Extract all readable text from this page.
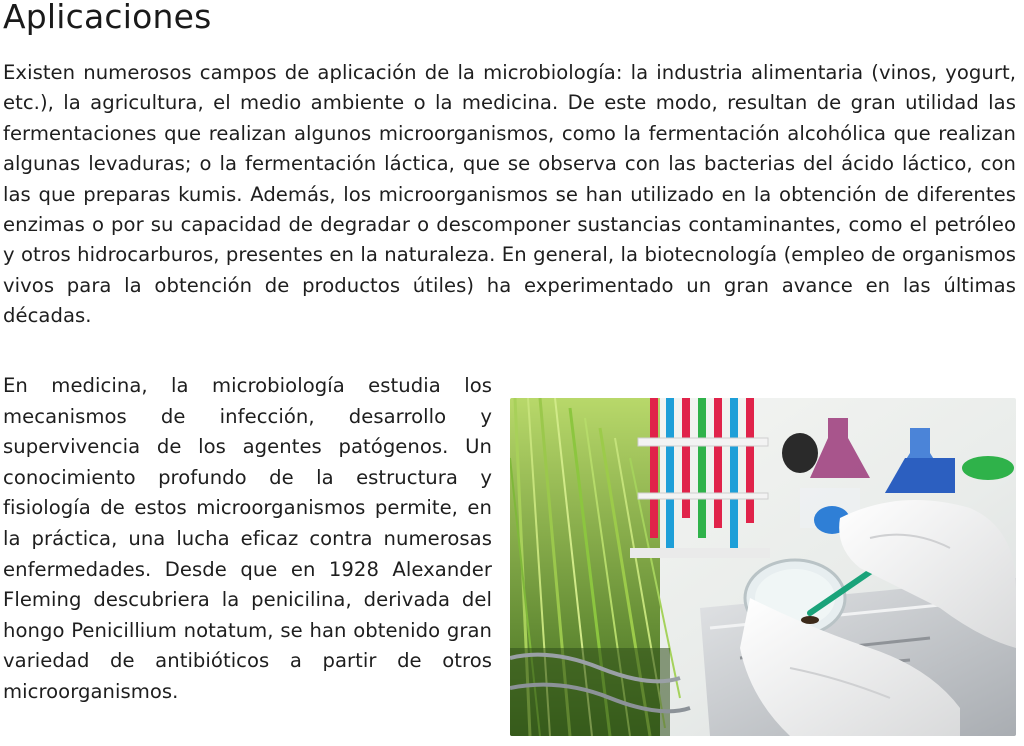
Aplicaciones

Existen numerosos campos de aplicación de la microbiología: la industria alimentaria (vinos, yogurt, etc.), la agricultura, el medio ambiente o la medicina. De este modo, resultan de gran utilidad las fermentaciones que realizan algunos microorganismos, como la fermentación alcohólica que realizan algunas levaduras; o la fermentación láctica, que se observa con las bacterias del ácido láctico, con las que preparas kumis. Además, los microorganismos se han utilizado en la obtención de diferentes enzimas o por su capacidad de degradar o descomponer sustancias contaminantes, como el petróleo y otros hidrocarburos, presentes en la naturaleza. En general, la biotecnología (empleo de organismos vivos para la obtención de productos útiles) ha experimentado un gran avance en las últimas décadas.

En medicina, la microbiología estudia los mecanismos de infección, desarrollo y supervivencia de los agentes patógenos. Un conocimiento profundo de la estructura y fisiología de estos microorganismos permite, en la práctica, una lucha eficaz contra numerosas enfermedades. Desde que en 1928 Alexander Fleming descubriera la penicilina, derivada del hongo Penicillium notatum, se han obtenido gran variedad de antibióticos a partir de otros microorganismos.
